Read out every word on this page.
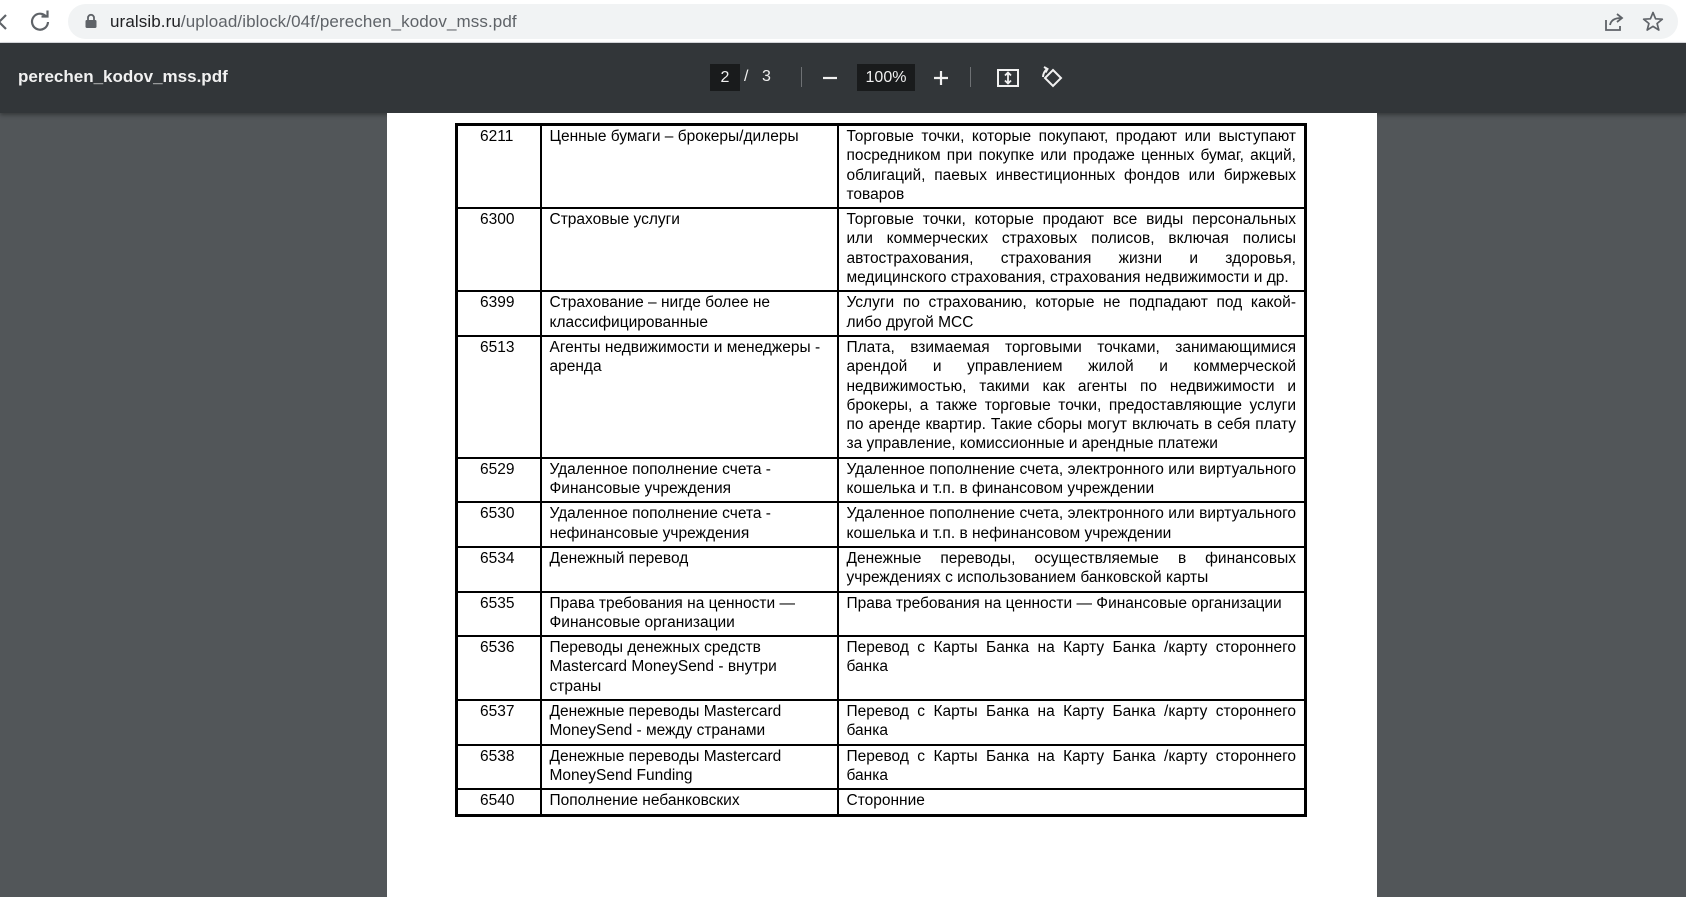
uralsib.ru/upload/iblock/04f/perechen_kodov_mss.pdf
perechen_kodov_mss.pdf	2 / 3	100%
6211	Ценные бумаги – брокеры/дилеры	Торговые точки, которые покупают, продают или выступают посредником при покупке или продаже ценных бумаг, акций, облигаций, паевых инвестиционных фондов или биржевых товаров
6300	Страховые услуги	Торговые точки, которые продают все виды персональных или коммерческих страховых полисов, включая полисы автострахования, страхования жизни и здоровья, медицинского страхования, страхования недвижимости и др.
6399	Страхование – нигде более не классифицированные	Услуги по страхованию, которые не подпадают под какой-либо другой МСС
6513	Агенты недвижимости и менеджеры - аренда	Плата, взимаемая торговыми точками, занимающимися арендой и управлением жилой и коммерческой недвижимостью, такими как агенты по недвижимости и брокеры, а также торговые точки, предоставляющие услуги по аренде квартир. Такие сборы могут включать в себя плату за управление, комиссионные и арендные платежи
6529	Удаленное пополнение счета - Финансовые учреждения	Удаленное пополнение счета, электронного или виртуального кошелька и т.п. в финансовом учреждении
6530	Удаленное пополнение счета - нефинансовые учреждения	Удаленное пополнение счета, электронного или виртуального кошелька и т.п. в нефинансовом учреждении
6534	Денежный перевод	Денежные переводы, осуществляемые в финансовых учреждениях с использованием банковской карты
6535	Права требования на ценности — Финансовые организации	Права требования на ценности — Финансовые организации
6536	Переводы денежных средств Mastercard MoneySend - внутри страны	Перевод с Карты Банка на Карту Банка /карту стороннего банка
6537	Денежные переводы Mastercard MoneySend - между странами	Перевод с Карты Банка на Карту Банка /карту стороннего банка
6538	Денежные переводы Mastercard MoneySend Funding	Перевод с Карты Банка на Карту Банка /карту стороннего банка
6540	Пополнение небанковских	Сторонние
